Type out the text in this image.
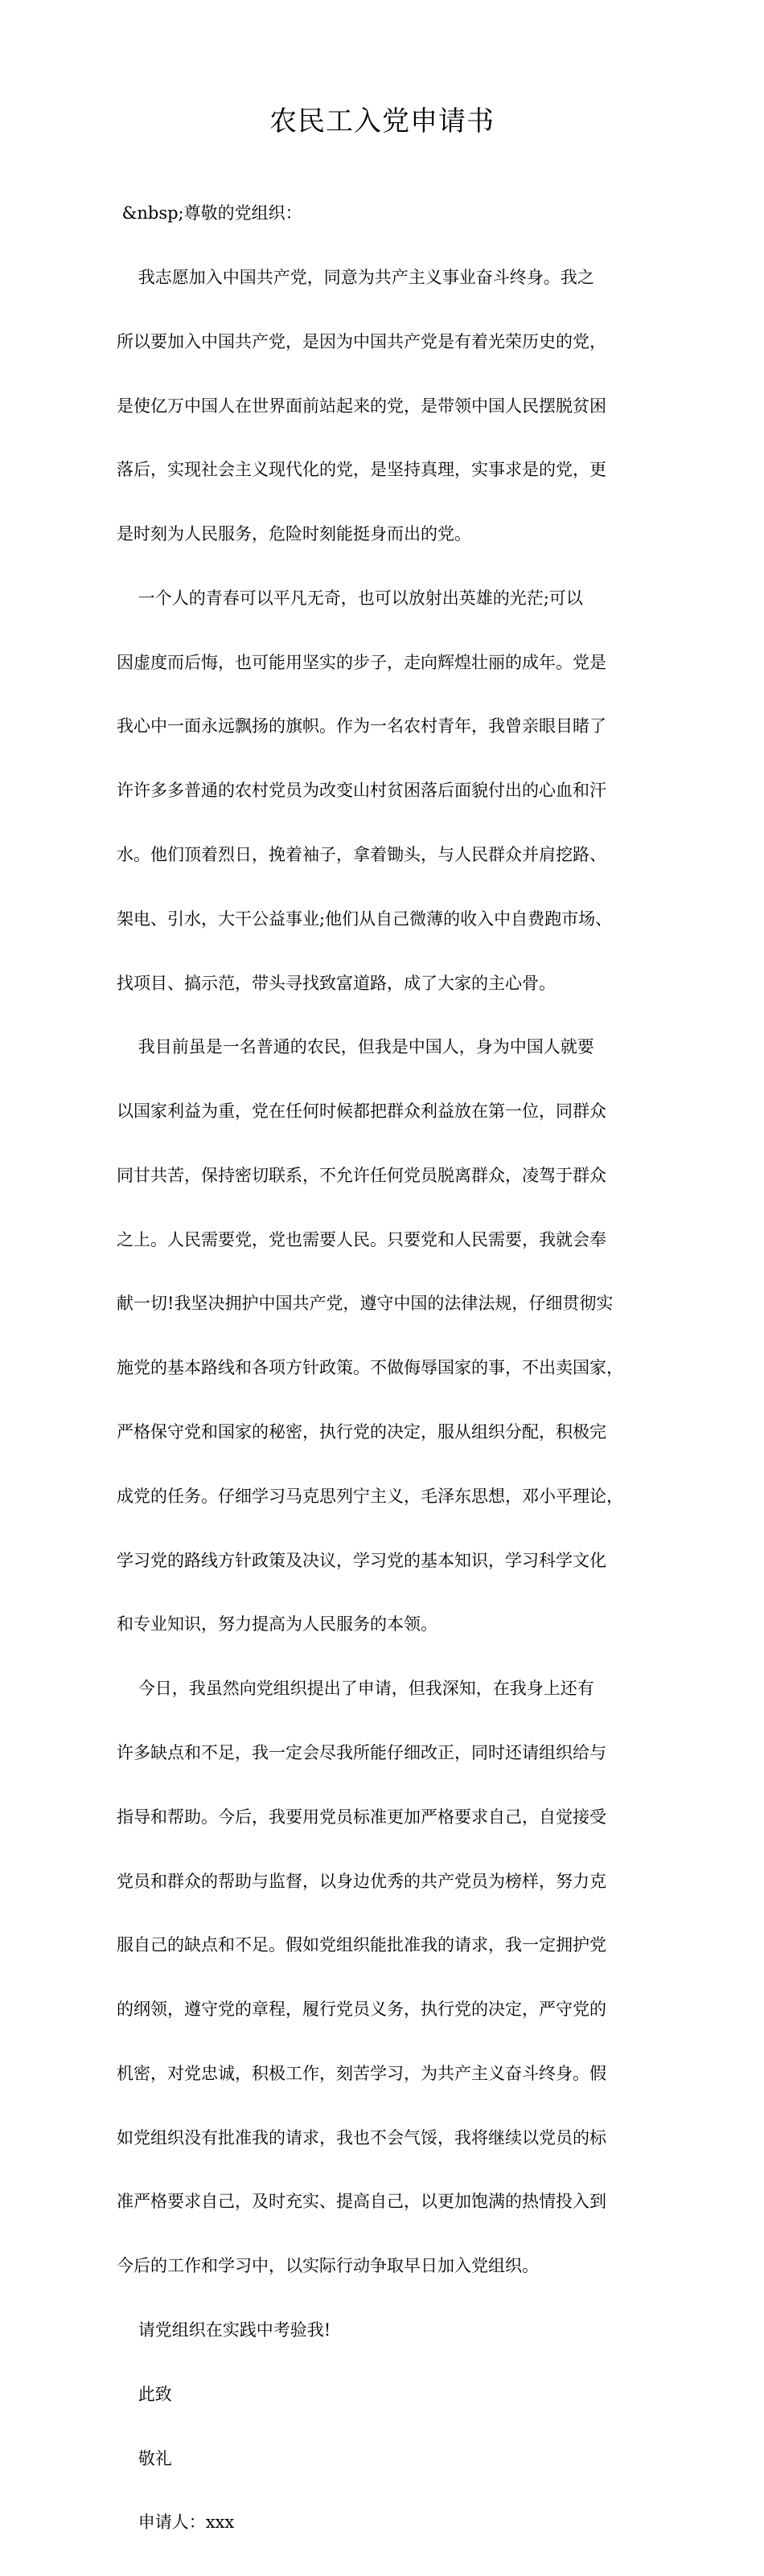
农民工入党申请书

&nbsp;尊敬的党组织：

我志愿加入中国共产党，同意为共产主义事业奋斗终身。我之

所以要加入中国共产党，是因为中国共产党是有着光荣历史的党，

是使亿万中国人在世界面前站起来的党，是带领中国人民摆脱贫困

落后，实现社会主义现代化的党，是坚持真理，实事求是的党，更

是时刻为人民服务，危险时刻能挺身而出的党。

一个人的青春可以平凡无奇，也可以放射出英雄的光茫;可以

因虚度而后悔，也可能用坚实的步子，走向辉煌壮丽的成年。党是

我心中一面永远飘扬的旗帜。作为一名农村青年，我曾亲眼目睹了

许许多多普通的农村党员为改变山村贫困落后面貌付出的心血和汗

水。他们顶着烈日，挽着袖子，拿着锄头，与人民群众并肩挖路、

架电、引水，大干公益事业;他们从自己微薄的收入中自费跑市场、

找项目、搞示范，带头寻找致富道路，成了大家的主心骨。

我目前虽是一名普通的农民，但我是中国人，身为中国人就要

以国家利益为重，党在任何时候都把群众利益放在第一位，同群众

同甘共苦，保持密切联系，不允许任何党员脱离群众，凌驾于群众

之上。人民需要党，党也需要人民。只要党和人民需要，我就会奉

献一切!我坚决拥护中国共产党，遵守中国的法律法规，仔细贯彻实

施党的基本路线和各项方针政策。不做侮辱国家的事，不出卖国家，

严格保守党和国家的秘密，执行党的决定，服从组织分配，积极完

成党的任务。仔细学习马克思列宁主义，毛泽东思想，邓小平理论，

学习党的路线方针政策及决议，学习党的基本知识，学习科学文化

和专业知识，努力提高为人民服务的本领。

今日，我虽然向党组织提出了申请，但我深知，在我身上还有

许多缺点和不足，我一定会尽我所能仔细改正，同时还请组织给与

指导和帮助。今后，我要用党员标准更加严格要求自己，自觉接受

党员和群众的帮助与监督，以身边优秀的共产党员为榜样，努力克

服自己的缺点和不足。假如党组织能批准我的请求，我一定拥护党

的纲领，遵守党的章程，履行党员义务，执行党的决定，严守党的

机密，对党忠诚，积极工作，刻苦学习，为共产主义奋斗终身。假

如党组织没有批准我的请求，我也不会气馁，我将继续以党员的标

准严格要求自己，及时充实、提高自己，以更加饱满的热情投入到

今后的工作和学习中，以实际行动争取早日加入党组织。

请党组织在实践中考验我!

此致

敬礼

申请人：xxx
